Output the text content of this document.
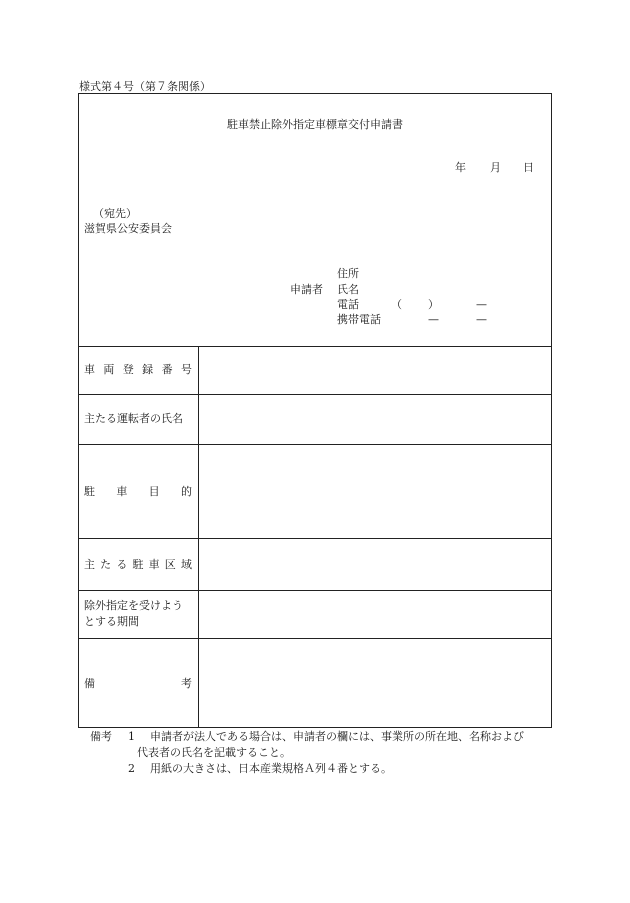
様式第４号（第７条関係）
駐車禁止除外指定車標章交付申請書
年 月 日
（宛先）
滋賀県公安委員会
住所
申請者 氏名
電話	（ ）	—
携帯電話	—	—
車 両 登 録 番 号
主たる運転者の氏名
駐 車 目 的
主 た る 駐 車 区 域
除外指定を受けよう
とする期間
備	考
備考 1 申請者が法人である場合は、申請者の欄には、事業所の所在地、名称および
代表者の氏名を記載すること。
2 用紙の大きさは、日本産業規格Ａ列４番とする。
